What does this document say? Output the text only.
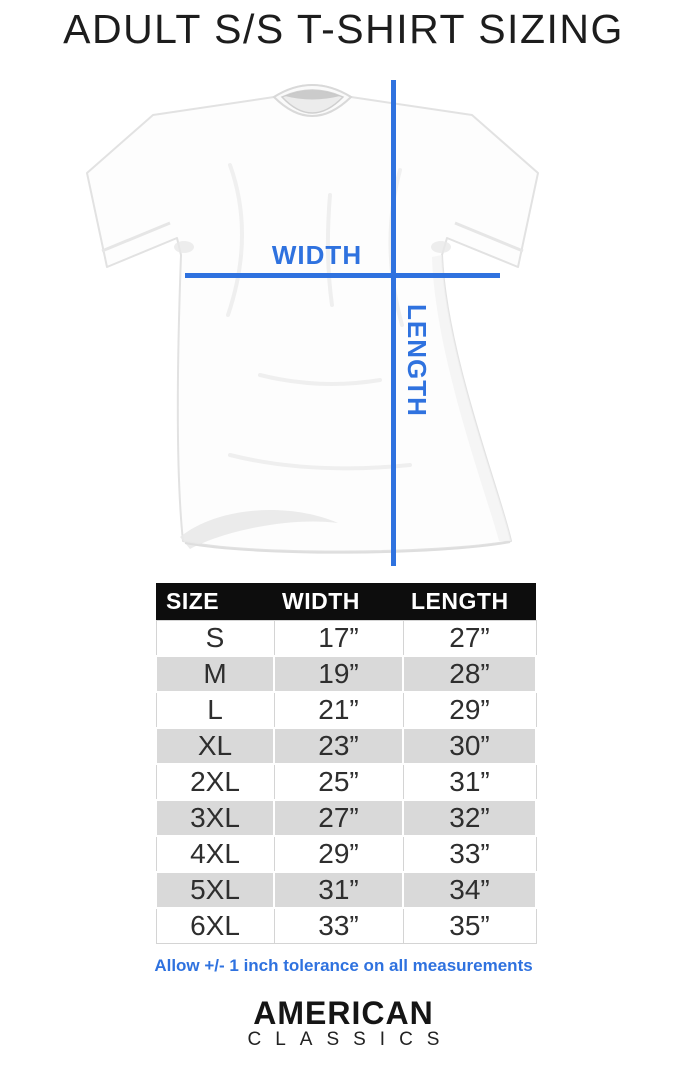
ADULT S/S T-SHIRT SIZING
WIDTH
LENGTH
SIZE	WIDTH	LENGTH
S	17”	27”
M	19”	28”
L	21”	29”
XL	23”	30”
2XL	25”	31”
3XL	27”	32”
4XL	29”	33”
5XL	31”	34”
6XL	33”	35”
Allow +/- 1 inch tolerance on all measurements
AMERICAN
CLASSICS
